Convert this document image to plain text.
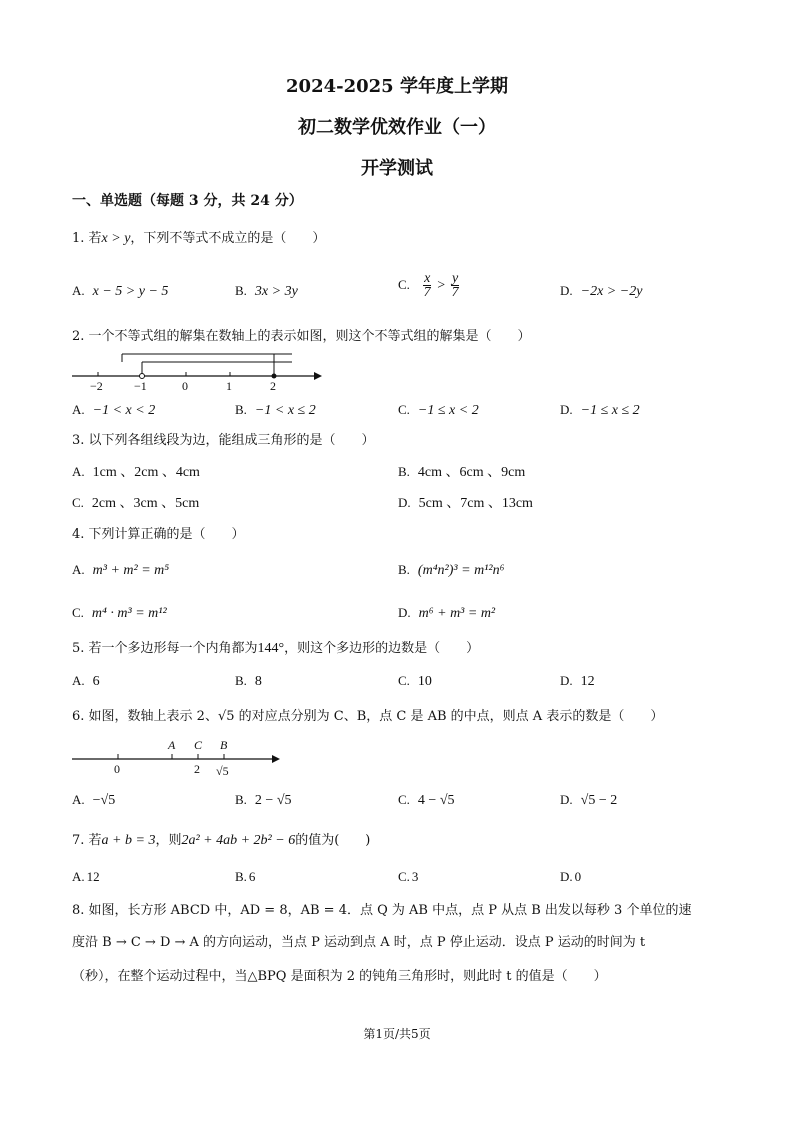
2024-2025 学年度上学期
初二数学优效作业（一）
开学测试
一、单选题（每题 3 分，共 24 分）
1. 若x > y，下列不等式不成立的是（　　）
A. x − 5 > y − 5	B. 3x > 3y	C. $\frac{x}{7} > \frac{y}{7}$	D. −2x > −2y
2. 一个不等式组的解集在数轴上的表示如图，则这个不等式组的解集是（　　）
−2	−1	0	1	2
A. −1 < x < 2	B. −1 < x ≤ 2	C. −1 ≤ x < 2	D. −1 ≤ x ≤ 2
3. 以下列各组线段为边，能组成三角形的是（　　）
A. 1cm 、2cm 、4cm	B. 4cm 、6cm 、9cm
C. 2cm 、3cm 、5cm	D. 5cm 、7cm 、13cm
4. 下列计算正确的是（　　）
A. m³ + m² = m⁵	B. (m⁴n²)³ = m¹²n⁶
C. m⁴ · m³ = m¹²	D. m⁶ + m³ = m²
5. 若一个多边形每一个内角都为144°，则这个多边形的边数是（　　）
A. 6	B. 8	C. 10	D. 12
6. 如图，数轴上表示 2、√5 的对应点分别为 C、B，点 C 是 AB 的中点，则点 A 表示的数是（　　）
A C B
0	2 √5
A. −√5	B. 2 − √5	C. 4 − √5	D. √5 − 2
7. 若a + b = 3，则2a² + 4ab + 2b² − 6的值为(　　)
A. 12	B. 6	C. 3	D. 0
8. 如图，长方形 ABCD 中，AD = 8，AB = 4．点 Q 为 AB 中点，点 P 从点 B 出发以每秒 3 个单位的速
度沿 B → C → D → A 的方向运动，当点 P 运动到点 A 时，点 P 停止运动．设点 P 运动的时间为 t
（秒），在整个运动过程中，当△BPQ 是面积为 2 的钝角三角形时，则此时 t 的值是（　　）
第1页/共5页
